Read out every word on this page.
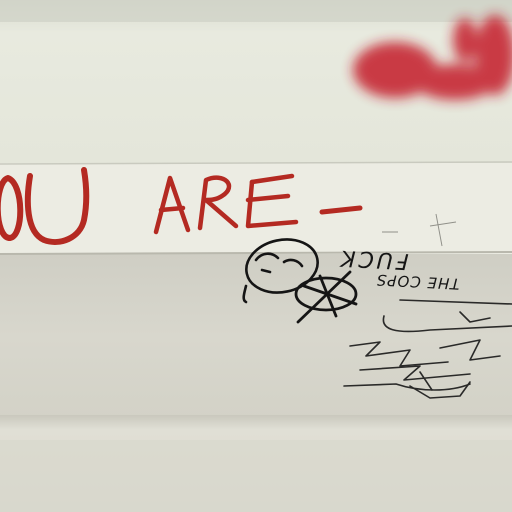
THE COPS
FUCK
